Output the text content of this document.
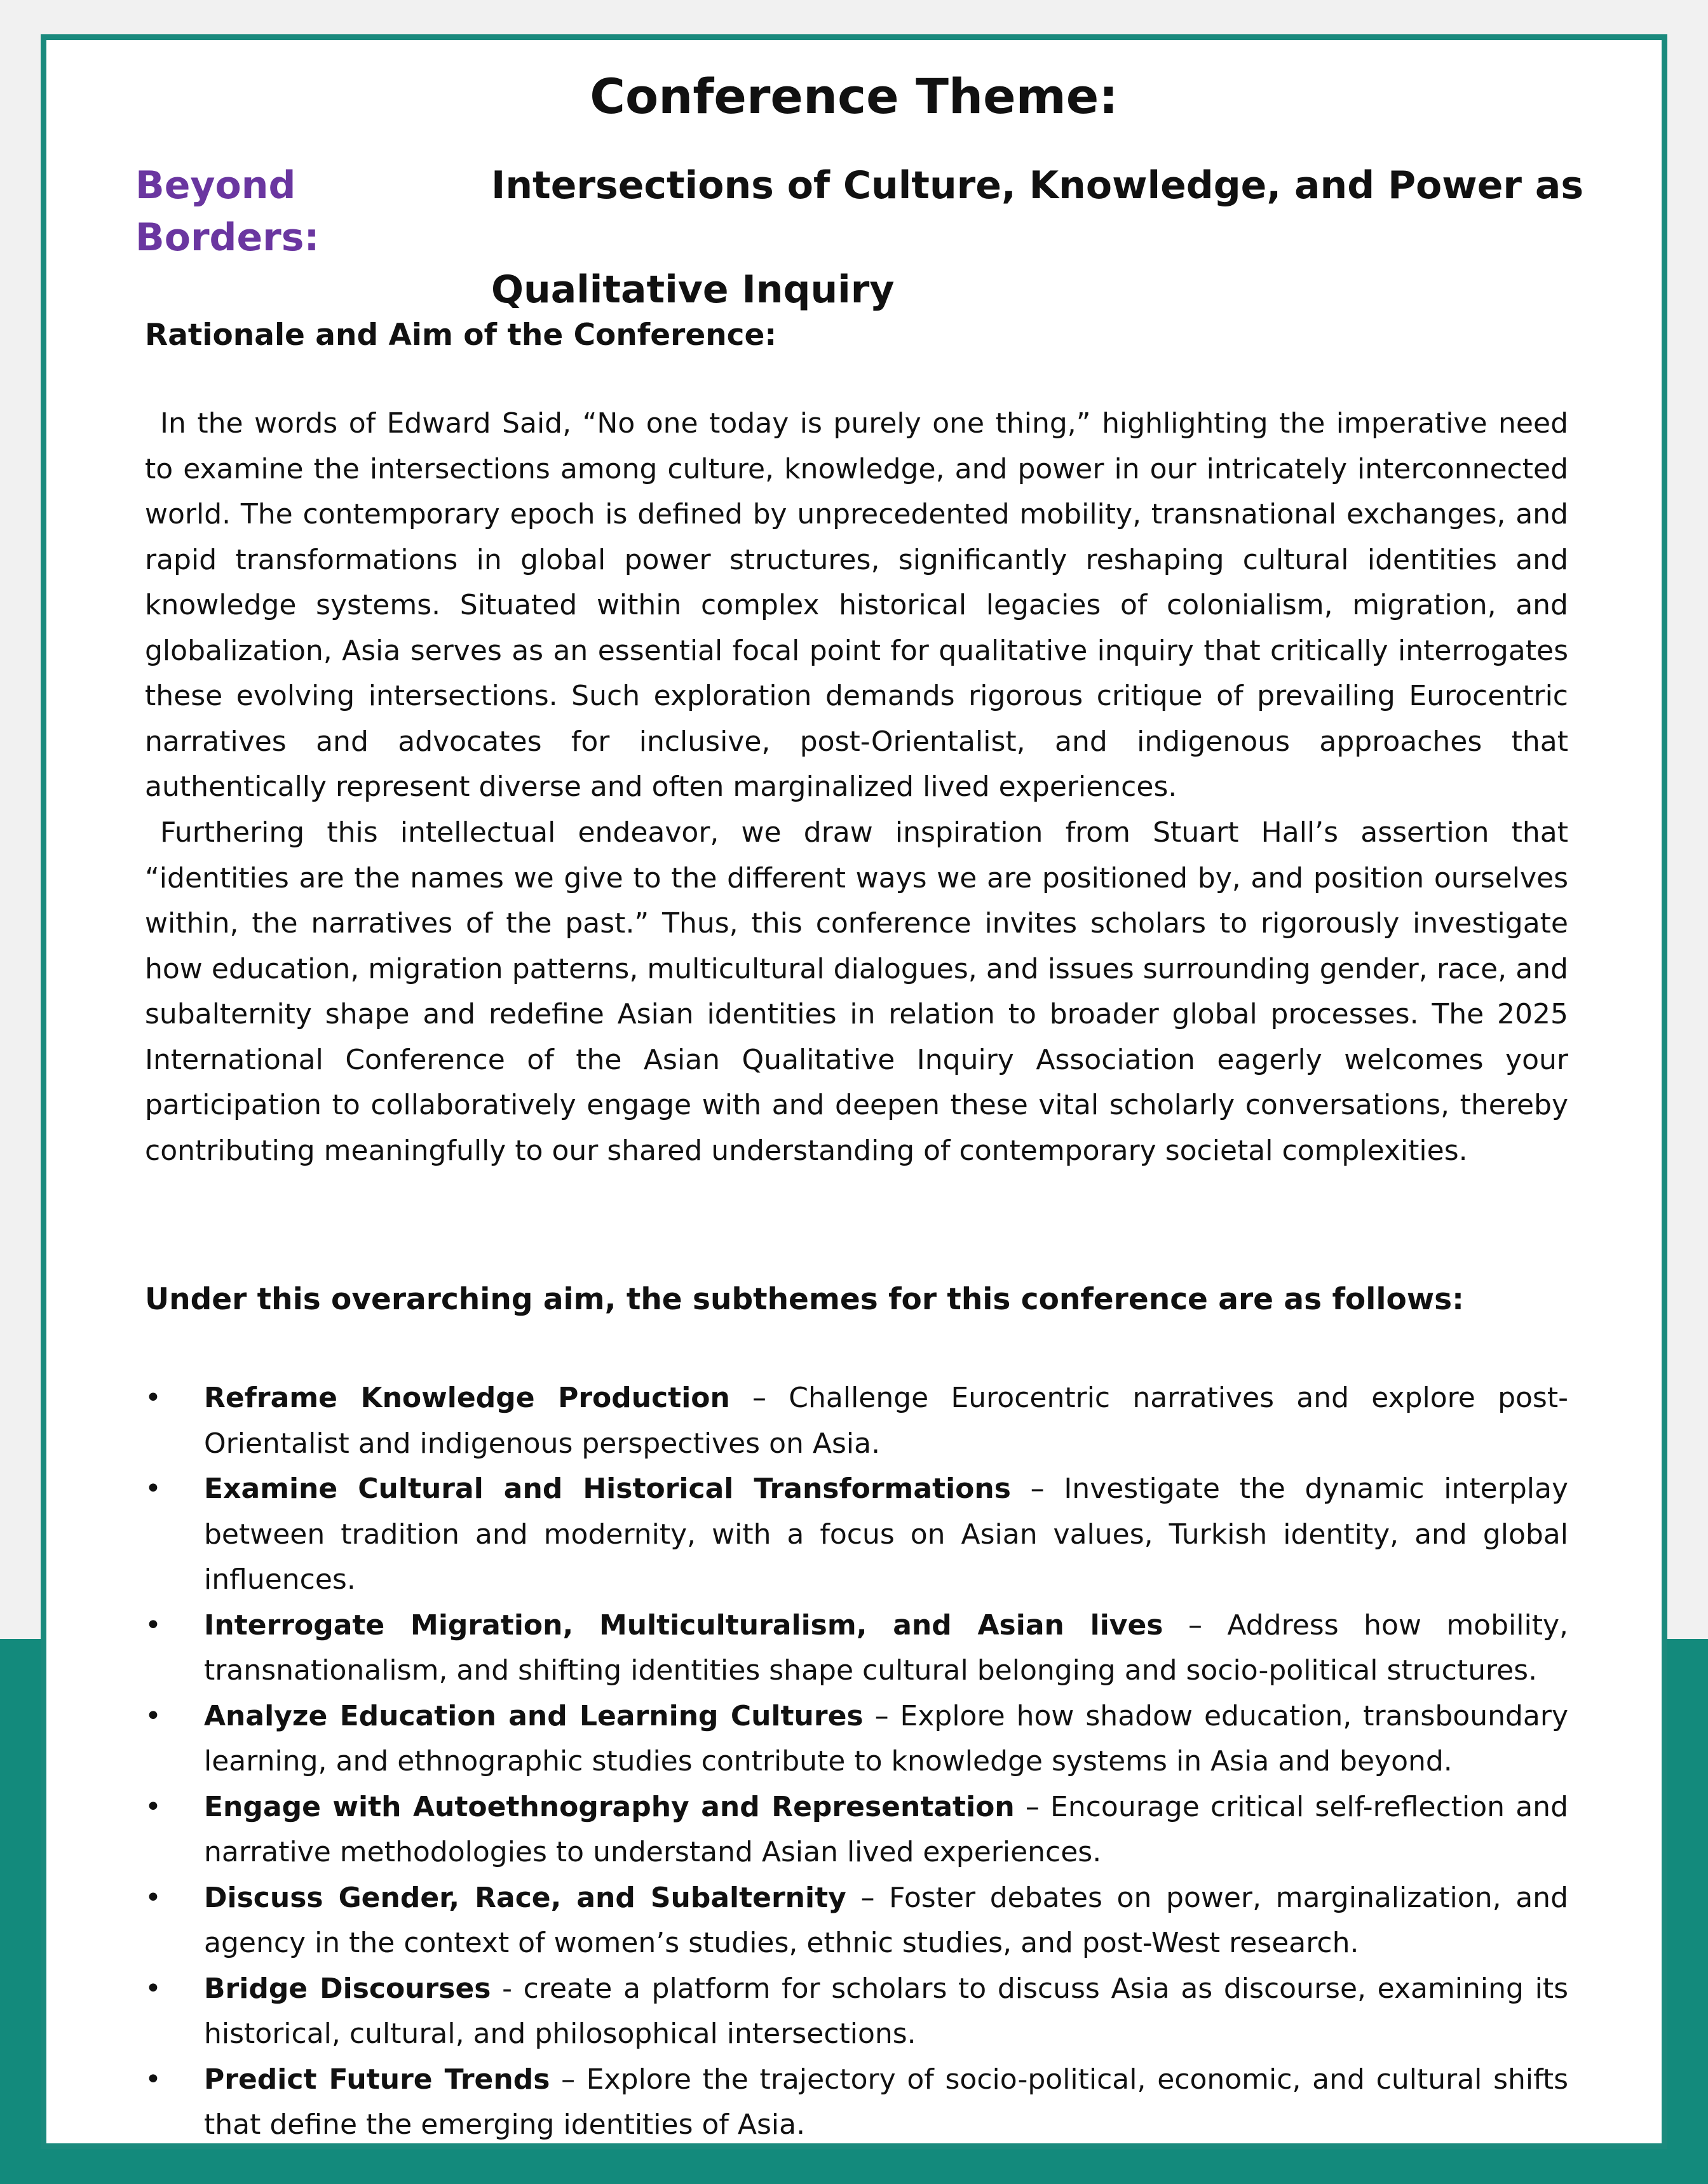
Conference Theme:
Beyond Borders:
Intersections of Culture, Knowledge, and Power as
Qualitative Inquiry
Rationale and Aim of the Conference:

In the words of Edward Said, “No one today is purely one thing,” highlighting the imperative need to examine the intersections among culture, knowledge, and power in our intricately interconnected world. The contemporary epoch is defined by unprecedented mobility, transnational exchanges, and rapid transformations in global power structures, significantly reshaping cultural identities and knowledge systems. Situated within complex historical legacies of colonialism, migration, and globalization, Asia serves as an essential focal point for qualitative inquiry that critically interrogates these evolving intersections. Such exploration demands rigorous critique of prevailing Eurocentric narratives and advocates for inclusive, post-Orientalist, and indigenous approaches that authentically represent diverse and often marginalized lived experiences.

Furthering this intellectual endeavor, we draw inspiration from Stuart Hall’s assertion that “identities are the names we give to the different ways we are positioned by, and position ourselves within, the narratives of the past.” Thus, this conference invites scholars to rigorously investigate how education, migration patterns, multicultural dialogues, and issues surrounding gender, race, and subalternity shape and redefine Asian identities in relation to broader global processes. The 2025 International Conference of the Asian Qualitative Inquiry Association eagerly welcomes your participation to collaboratively engage with and deepen these vital scholarly conversations, thereby contributing meaningfully to our shared understanding of contemporary societal complexities.

Under this overarching aim, the subthemes for this conference are as follows:
• Reframe Knowledge Production – Challenge Eurocentric narratives and explore post-Orientalist and indigenous perspectives on Asia.
• Examine Cultural and Historical Transformations – Investigate the dynamic interplay between tradition and modernity, with a focus on Asian values, Turkish identity, and global influences.
• Interrogate Migration, Multiculturalism, and Asian lives – Address how mobility, transnationalism, and shifting identities shape cultural belonging and socio-political structures.
• Analyze Education and Learning Cultures – Explore how shadow education, transboundary learning, and ethnographic studies contribute to knowledge systems in Asia and beyond.
• Engage with Autoethnography and Representation – Encourage critical self-reflection and narrative methodologies to understand Asian lived experiences.
• Discuss Gender, Race, and Subalternity – Foster debates on power, marginalization, and agency in the context of women’s studies, ethnic studies, and post-West research.
• Bridge Discourses - create a platform for scholars to discuss Asia as discourse, examining its historical, cultural, and philosophical intersections.
• Predict Future Trends – Explore the trajectory of socio-political, economic, and cultural shifts that define the emerging identities of Asia.
